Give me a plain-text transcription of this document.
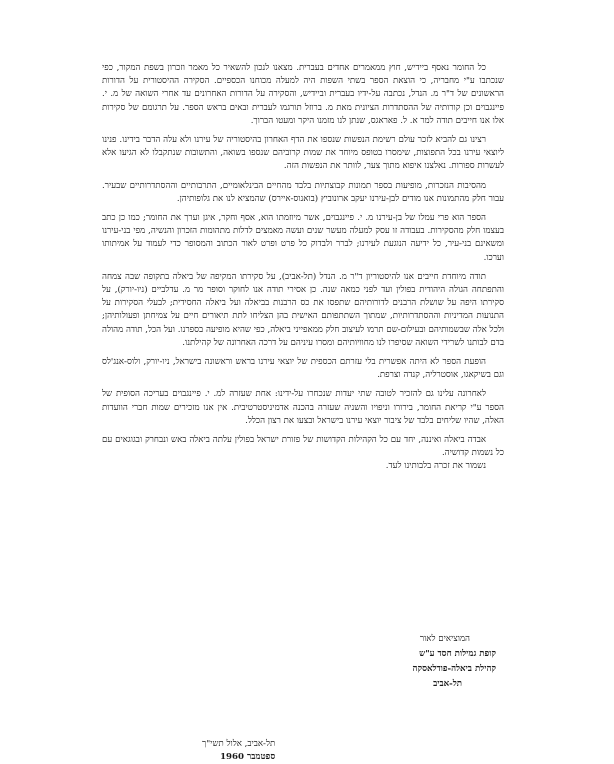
כל החומר נאסף ביידיש, חוץ ממאמרים אחדים בעברית. מצאנו לנכון להשאיר כל מאמר וזכרון בשפת המקור, כפי שנכתבו ע"י מחבריה, כי הוצאת הספר בשתי השפות היה למעלה מכוחנו הכספיים. הסקירה ההיסטורית על הדורות הראשונים של ד"ר מ. הנדל, נכתבה על-ידיו בעברית וביידיש, והסקירה על הדורות האחרונים עד אחרי השואה של מ. י. פיינגבוים וכן קורותיה של ההסתדרות הציונית מאת מ. ברוזל תורגמו לעברית ובאים בראש הספר. על תרגומם של סקירות אלו אנו חייבים תודה למר א. ל. פאראגס, שנתן לנו מזמנו היקר ומעטו הברוך.

רצינו גם להביא לזכר עולם רשימת הנפשות שנספו את הדף האחרון בהיסטוריה של עירנו ולא עלה הדבר בידינו. פנינו ליוצאי עירנו בכל התפוצות, שימסרו בטופס מיוחד את שמות קרוביהם שנספו בשואה, והתשובות שנתקבלו לא הגיעו אלא לעשרות ספורות. נאלצנו איפוא מתוך צער, לוותר את הנפשות הזה.

מהסיבות הנזכרות, מופיעות בספר תמונות קבוצתיות בלבד מהחיים הבינלאומיים, התרבותיים וההסתדרותיים שבעיר. עבור חלק מהתמונות אנו מודים לבן-עירנו יעקב ארונוביץ (בואנוס-איירס) שהמציא לנו את גלופותיהן.

הספר הוא פרי עמלו של בן-עירנו מ. י. פיינגבוים, אשר מיוזמתו הוא, אסף וחקר, איגן וערך את החומר; כמו כן כתב בעצמו חלק מהסקירות. בעבודה זו עסק למעלה מעשר שנים ועשה מאמצים לדלות מתהומות הזכרון והנשיה, מפי בני-עירנו ומשאינם בני-עיר, כל ידיעה הנוגעת לעירנו; לברר ולבדוק כל פרט ופרט לאור הכתוב והמסופר כדי לעמוד על אמיתותו וערכו.

תודה מיוחדת חייבים אנו להיסטוריון ד"ר מ. הנדל (תל-אביב), על סקירתו המקיפה של ביאלה בתקופה שבה צמחה והתפתחה הגולה היהודית בפולין ועד לפני כמאה שנה. כן אסירי תודה אנו לחוקר וסופר מר מ. עדלביים (ניו-יורק), על סקירתו היפה על שושלת הרבנים לדורותיהם שתפסו את כס הרבנות בביאלה ועל ביאלה החסידית; לבעלי הסקירות על התנועות המדיניות וההסתדרותיות, שמתוך השתתפותם האישית בהן הצליחו לתת תיאורים חיים על צמיחתן ופעולותיהן; ולכל אלה שבשמותיהם ובעילום-שם תרמו לעיצוב חלק ממאפייני ביאלה, כפי שהיא מופיעה בספרנו. ועל הכל, תודה מהולה בדם לבותנו לשרידי השואה שסיפרו לנו מחוויותיהם ומסרו עיניהם על דרכה האחרונה של קהילתנו.

הופעת הספר לא היתה אפשרית בלי עזרתם הכספית של יוצאי עירנו בראש וראשונה בישראל, ניו-יורק, ולוס-אנג'לס וגם בשיקאגו, אוסטרליה, קנדה וצרפת.

לאחרונה עלינו גם להזכיר לטובה שתי יעדות שנכחרו על-ידינו: אחת שעזרה למ. י. פיינגבוים בעריכה הסופית של הספר ע"י קריאת החומר, בירורו וניפויו והשניה שעזרה בהכנה אדמיניסטרטיבית. אין אנו מזכירים שמות חברי הוועדות האלה, שהיו שליחים בלבד של ציבור יוצאי עירנו בישראל ובצעו את רצון הכלל.

אבדה ביאלה ואיננה, יחד עם כל הקהילות הקדושות של פזורת ישראל בפולין עלתה ביאלה באש ונבחרק ובגוגאים עם כל נשמות קדושיה.

נשמור את זכרה בלבותינו לעד.

המוציאים לאור
קופת גמילות חסד ע"ש
קהילת ביאלה-פודלאסקה
תל-אביב
תל-אביב, אלול תשי"ך
ספטמבר 1960
